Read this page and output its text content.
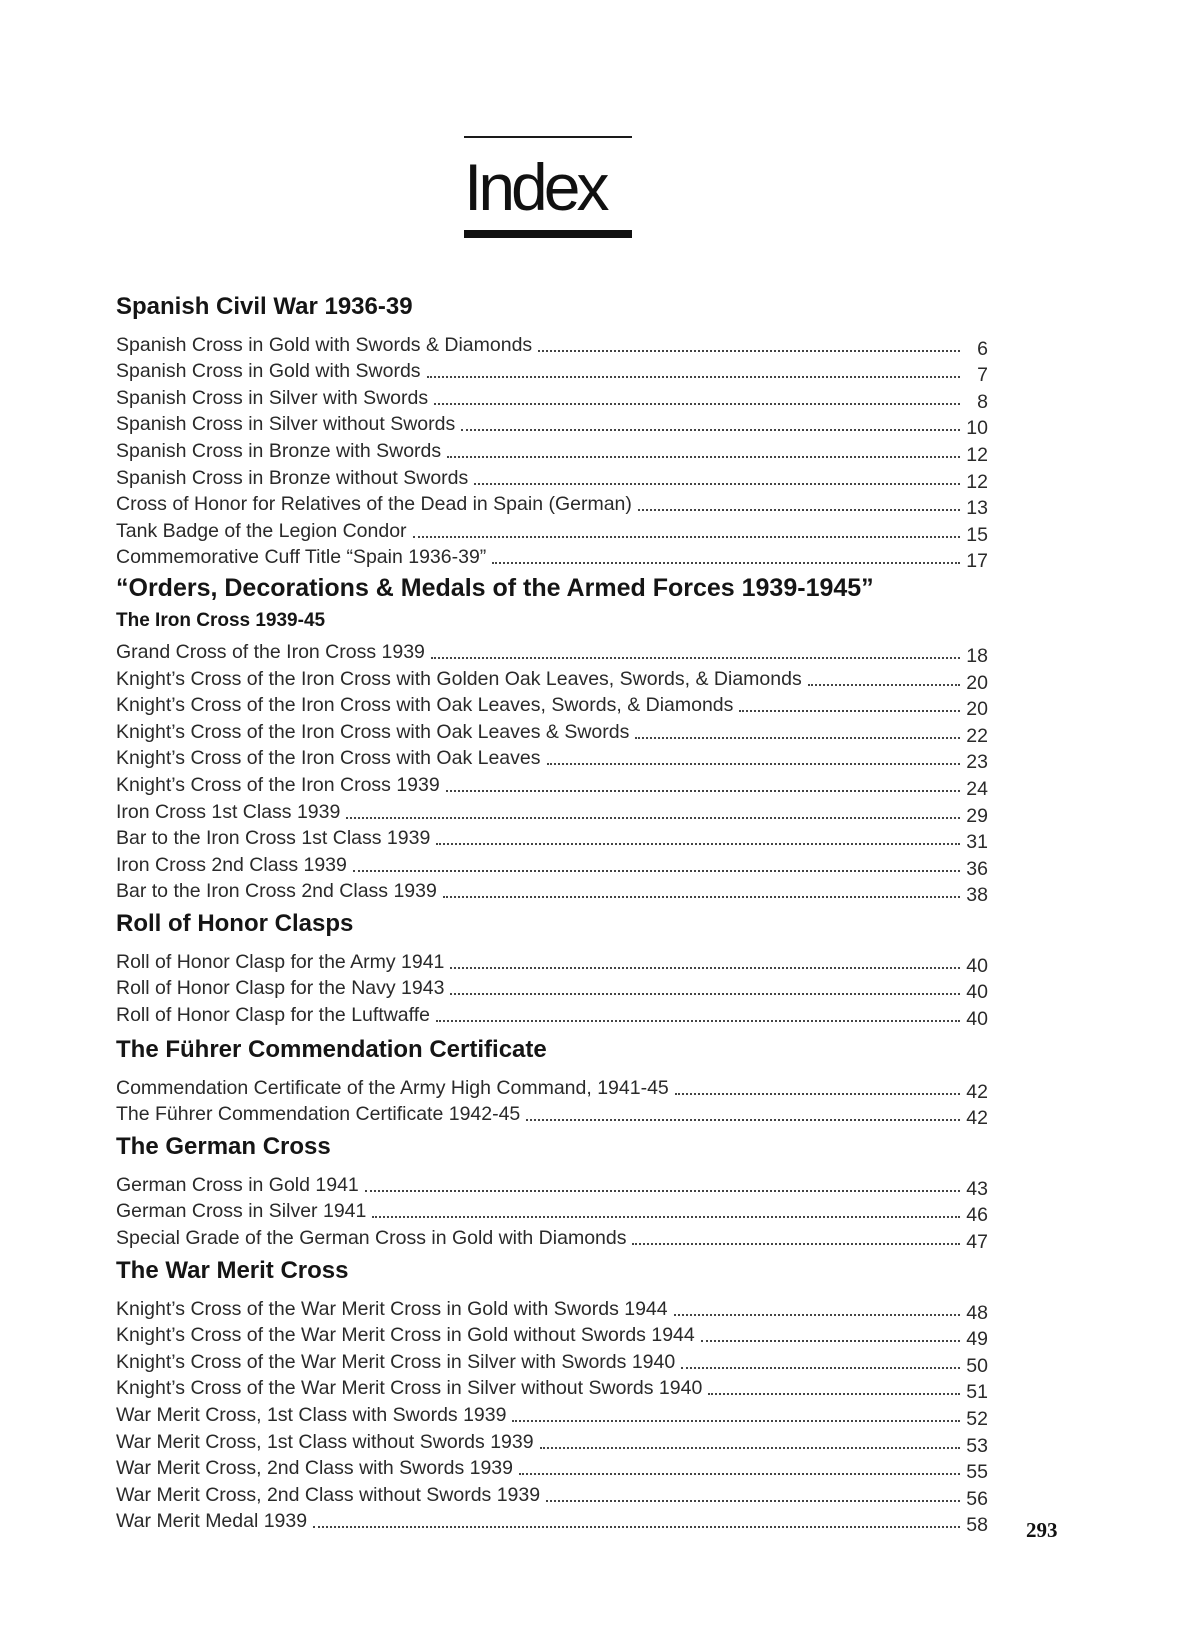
Index
Spanish Civil War 1936-39
Spanish Cross in Gold with Swords & Diamonds	6
Spanish Cross in Gold with Swords	7
Spanish Cross in Silver with Swords	8
Spanish Cross in Silver without Swords	10
Spanish Cross in Bronze with Swords	12
Spanish Cross in Bronze without Swords	12
Cross of Honor for Relatives of the Dead in Spain (German)	13
Tank Badge of the Legion Condor	15
Commemorative Cuff Title “Spain 1936-39”	17
“Orders, Decorations & Medals of the Armed Forces 1939-1945”
The Iron Cross 1939-45
Grand Cross of the Iron Cross 1939	18
Knight’s Cross of the Iron Cross with Golden Oak Leaves, Swords, & Diamonds	20
Knight’s Cross of the Iron Cross with Oak Leaves, Swords, & Diamonds	20
Knight’s Cross of the Iron Cross with Oak Leaves & Swords	22
Knight’s Cross of the Iron Cross with Oak Leaves	23
Knight’s Cross of the Iron Cross 1939	24
Iron Cross 1st Class 1939	29
Bar to the Iron Cross 1st Class 1939	31
Iron Cross 2nd Class 1939	36
Bar to the Iron Cross 2nd Class 1939	38
Roll of Honor Clasps
Roll of Honor Clasp for the Army 1941	40
Roll of Honor Clasp for the Navy 1943	40
Roll of Honor Clasp for the Luftwaffe	40
The Führer Commendation Certificate
Commendation Certificate of the Army High Command, 1941-45	42
The Führer Commendation Certificate 1942-45	42
The German Cross
German Cross in Gold 1941	43
German Cross in Silver 1941	46
Special Grade of the German Cross in Gold with Diamonds	47
The War Merit Cross
Knight’s Cross of the War Merit Cross in Gold with Swords 1944	48
Knight’s Cross of the War Merit Cross in Gold without Swords 1944	49
Knight’s Cross of the War Merit Cross in Silver with Swords 1940	50
Knight’s Cross of the War Merit Cross in Silver without Swords 1940	51
War Merit Cross, 1st Class with Swords 1939	52
War Merit Cross, 1st Class without Swords 1939	53
War Merit Cross, 2nd Class with Swords 1939	55
War Merit Cross, 2nd Class without Swords 1939	56
War Merit Medal 1939	58 293
